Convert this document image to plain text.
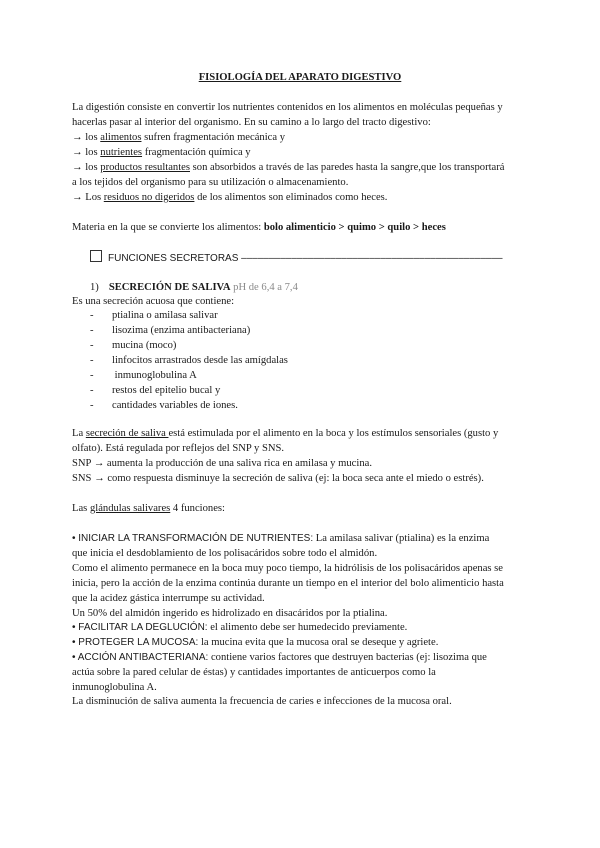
FISIOLOGÍA DEL APARATO DIGESTIVO
La digestión consiste en convertir los nutrientes contenidos en los alimentos en moléculas pequeñas y
hacerlas pasar al interior del organismo. En su camino a lo largo del tracto digestivo:
→ los alimentos sufren fragmentación mecánica y
→ los nutrientes fragmentación química y
→ los productos resultantes son absorbidos a través de las paredes hasta la sangre,que los transportará
a los tejidos del organismo para su utilización o almacenamiento.
→ Los residuos no digeridos de los alimentos son eliminados como heces.
Materia en la que se convierte los alimentos: bolo alimenticio > quimo > quilo > heces
FUNCIONES SECRETORAS –––––––––––––––––––––––––––––––––––––––––––––––
1) SECRECIÓN DE SALIVA pH de 6,4 a 7,4
Es una secreción acuosa que contiene:
- ptialina o amilasa salivar
- lisozima (enzima antibacteriana)
- mucina (moco)
- linfocitos arrastrados desde las amígdalas
- inmunoglobulina A
- restos del epitelio bucal y
- cantidades variables de iones.
La secreción de saliva está estimulada por el alimento en la boca y los estímulos sensoriales (gusto y
olfato). Está regulada por reflejos del SNP y SNS.
SNP → aumenta la producción de una saliva rica en amilasa y mucina.
SNS → como respuesta disminuye la secreción de saliva (ej: la boca seca ante el miedo o estrés).
Las glándulas salivares 4 funciones:
• INICIAR LA TRANSFORMACIÓN DE NUTRIENTES: La amilasa salivar (ptialina) es la enzima
que inicia el desdoblamiento de los polisacáridos sobre todo el almidón.
Como el alimento permanece en la boca muy poco tiempo, la hidrólisis de los polisacáridos apenas se
inicia, pero la acción de la enzima continúa durante un tiempo en el interior del bolo alimenticio hasta
que la acidez gástica interrumpe su actividad.
Un 50% del almidón ingerido es hidrolizado en disacáridos por la ptialina.
• FACILITAR LA DEGLUCIÓN: el alimento debe ser humedecido previamente.
• PROTEGER LA MUCOSA: la mucina evita que la mucosa oral se deseque y agriete.
• ACCIÓN ANTIBACTERIANA: contiene varios factores que destruyen bacterias (ej: lisozima que
actúa sobre la pared celular de éstas) y cantidades importantes de anticuerpos como la
inmunoglobulina A.
La disminución de saliva aumenta la frecuencia de caries e infecciones de la mucosa oral.
